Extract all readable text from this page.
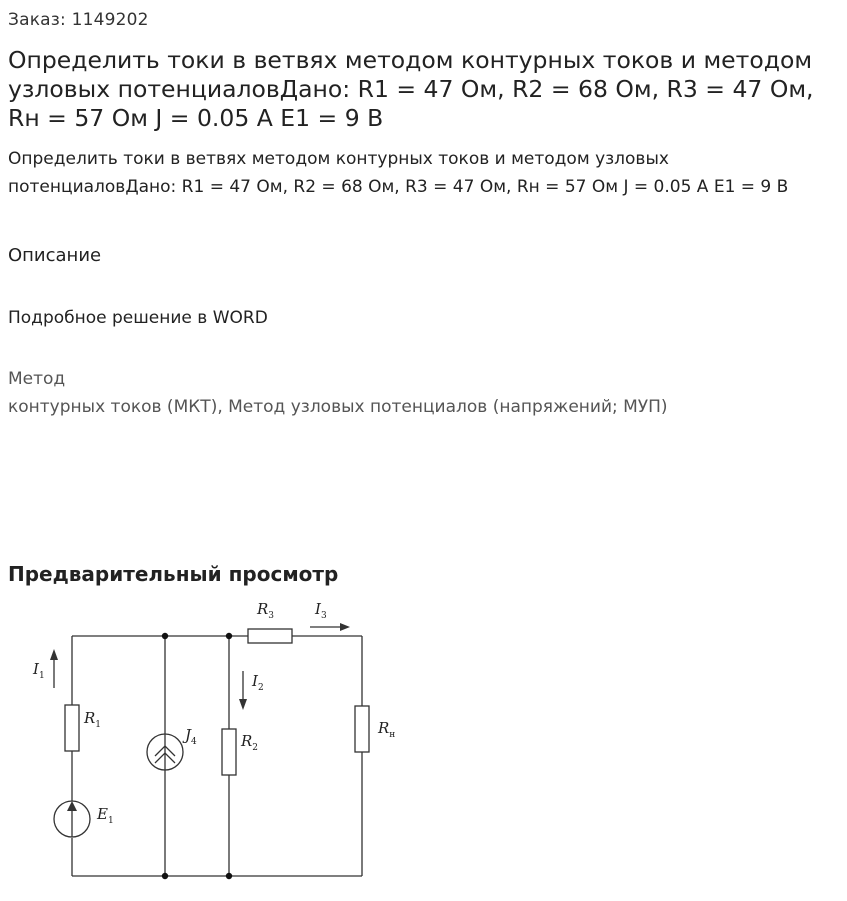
Заказ: 1149202
Определить токи в ветвях методом контурных токов и методом узловых потенциаловДано: R1 = 47 Ом, R2 = 68 Ом, R3 = 47 Ом, Rн = 57 Ом J = 0.05 A E1 = 9 В

Определить токи в ветвях методом контурных токов и методом узловых потенциаловДано: R1 = 47 Ом, R2 = 68 Ом, R3 = 47 Ом, Rн = 57 Ом J = 0.05 A E1 = 9 В

Описание

Подробное решение в WORD

Метод
контурных токов (МКТ), Метод узловых потенциалов (напряжений; МУП)
Предварительный просмотр
$R_3$	$I_3$
$I_1$
$R_1$
$E_1$
$J_4$
$I_2$
$R_2$
$R_н$
